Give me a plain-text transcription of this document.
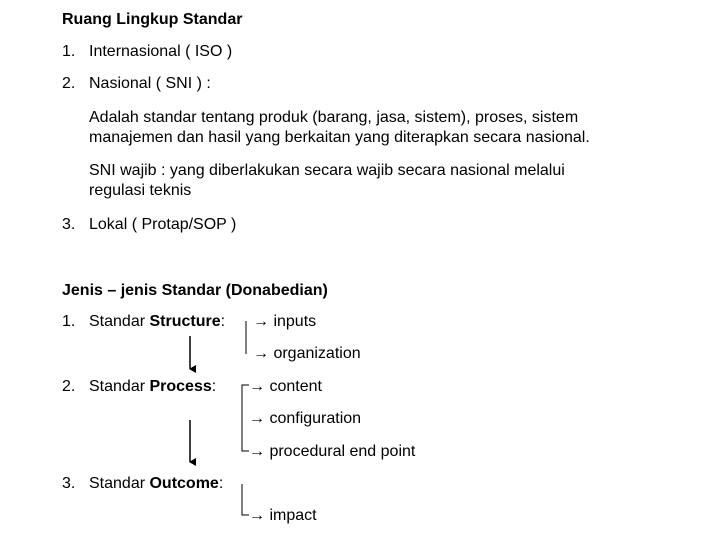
Ruang Lingkup Standar
1. Internasional ( ISO )
2. Nasional ( SNI ) :
Adalah standar tentang produk (barang, jasa, sistem), proses, sistem
manajemen dan hasil yang berkaitan yang diterapkan secara nasional.
SNI wajib : yang diberlakukan secara wajib secara nasional melalui
regulasi teknis
3. Lokal ( Protap/SOP )
Jenis – jenis Standar (Donabedian)
1. Standar Structure:
2. Standar Process:
3. Standar Outcome:
→ inputs
→ organization
→ content
→ configuration
→ procedural end point
→ impact
